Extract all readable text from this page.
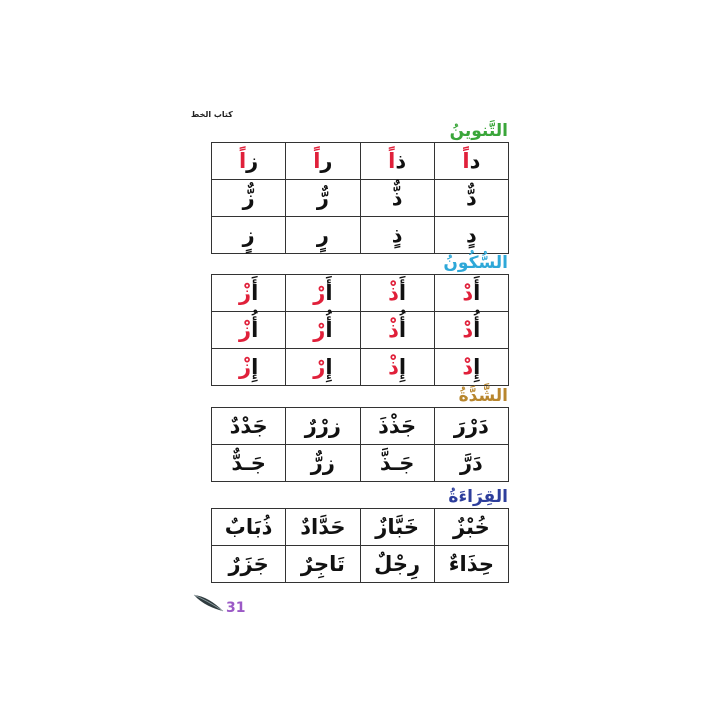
كتاب الخط
التَّنوينُ
داً	ذاً	راً	زاً
د	ذ	ر	ز
د	ذ	ر	ز
السُّكُونُ
أَدْ	أَذْ	أَرْ	أَزْ
أُدْ	أُذْ	أُرْ	أُزْ
إِدْ	إِذْ	إِرْ	إِزْ
الشَّدَّةُ
دَرْرَ	جَذْذَ	زرْرٌ	جَدْدٌ
دَرَّ	جَـذَّ	زرٌّ	جَـدٌّ
القِرَاءَةُ
خُبْزٌ	خَبَّازٌ	حَدَّادٌ	ذُبَابٌ
حِذَاءٌ	رِجْلٌ	تَاجِرٌ	جَزَرٌ
31
